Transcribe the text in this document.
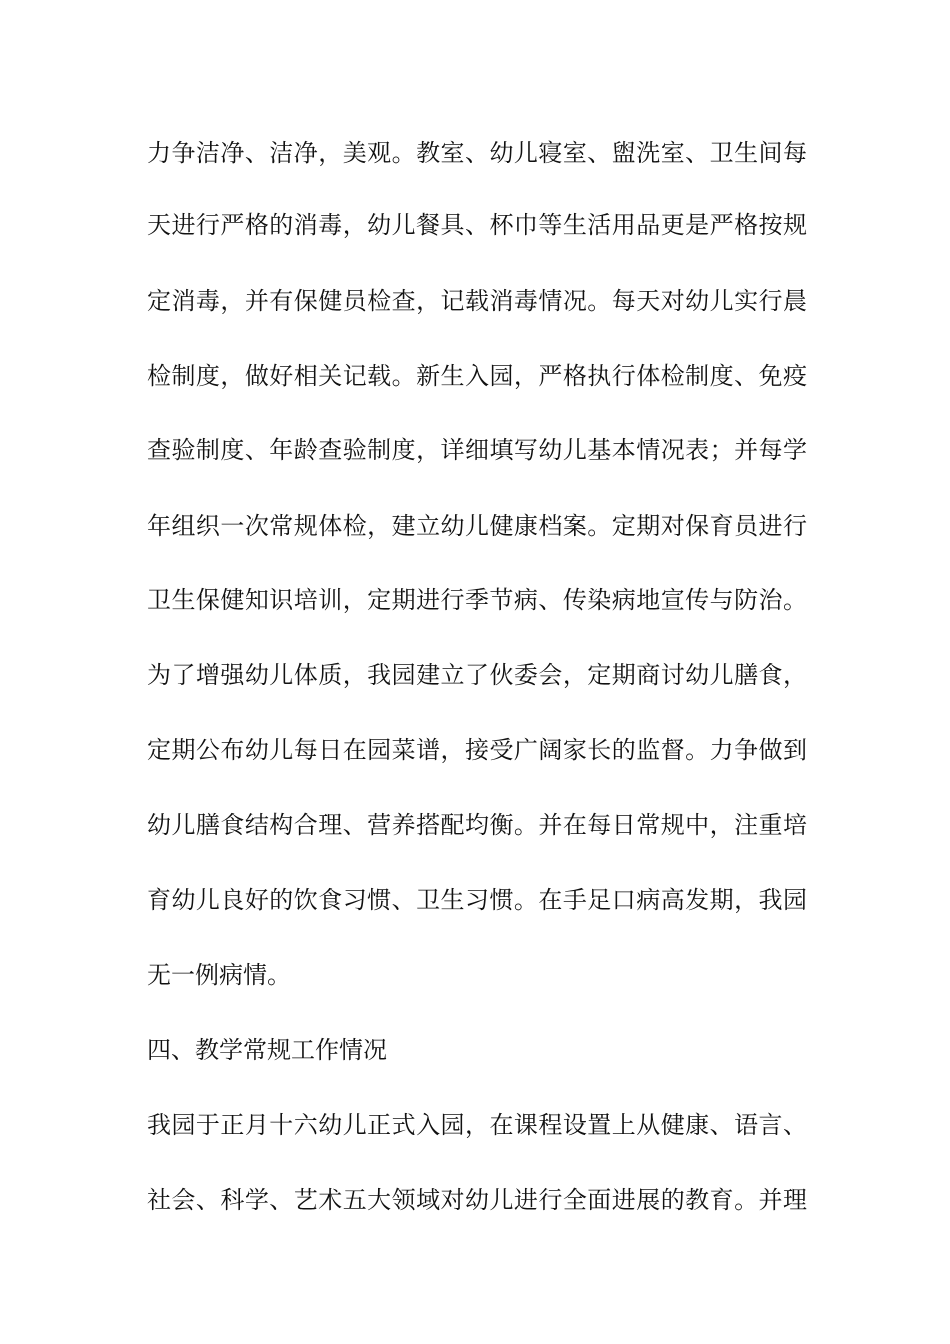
力争洁净、洁净，美观。教室、幼儿寝室、盥洗室、卫生间每
天进行严格的消毒，幼儿餐具、杯巾等生活用品更是严格按规
定消毒，并有保健员检查，记载消毒情况。每天对幼儿实行晨
检制度，做好相关记载。新生入园，严格执行体检制度、免疫
查验制度、年龄查验制度，详细填写幼儿基本情况表；并每学
年组织一次常规体检，建立幼儿健康档案。定期对保育员进行
卫生保健知识培训，定期进行季节病、传染病地宣传与防治。
为了增强幼儿体质，我园建立了伙委会，定期商讨幼儿膳食，
定期公布幼儿每日在园菜谱，接受广阔家长的监督。力争做到
幼儿膳食结构合理、营养搭配均衡。并在每日常规中，注重培
育幼儿良好的饮食习惯、卫生习惯。在手足口病高发期，我园
无一例病情。
四、教学常规工作情况
我园于正月十六幼儿正式入园，在课程设置上从健康、语言、
社会、科学、艺术五大领域对幼儿进行全面进展的教育。并理
